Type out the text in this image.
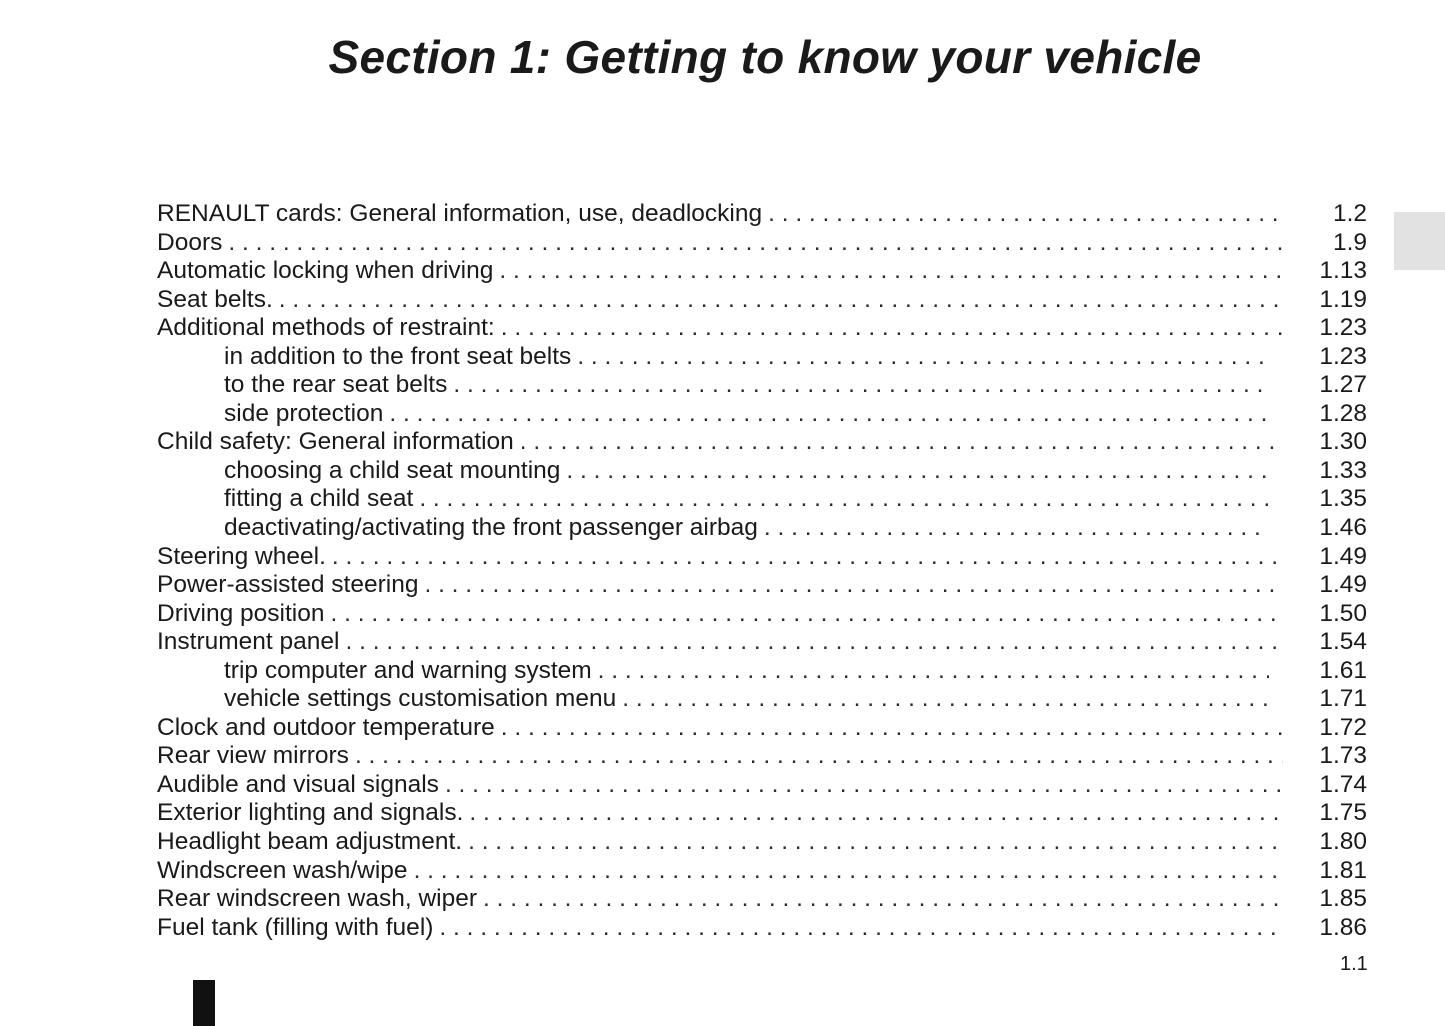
Section 1: Getting to know your vehicle
RENAULT cards: General information, use, deadlocking . . .	1.2
Doors . . .	1.9
Automatic locking when driving . . .	1.13
Seat belts. . . .	1.19
Additional methods of restraint: . . .	1.23
in addition to the front seat belts . . .	1.23
to the rear seat belts . . .	1.27
side protection . . .	1.28
Child safety: General information . . .	1.30
choosing a child seat mounting . . .	1.33
fitting a child seat . . .	1.35
deactivating/activating the front passenger airbag . . .	1.46
Steering wheel. . . .	1.49
Power-assisted steering . . .	1.49
Driving position . . .	1.50
Instrument panel . . .	1.54
trip computer and warning system . . .	1.61
vehicle settings customisation menu . . .	1.71
Clock and outdoor temperature . . .	1.72
Rear view mirrors . . .	1.73
Audible and visual signals . . .	1.74
Exterior lighting and signals. . . .	1.75
Headlight beam adjustment. . . .	1.80
Windscreen wash/wipe . . .	1.81
Rear windscreen wash, wiper . . .	1.85
Fuel tank (filling with fuel) . . .	1.86
1.1
